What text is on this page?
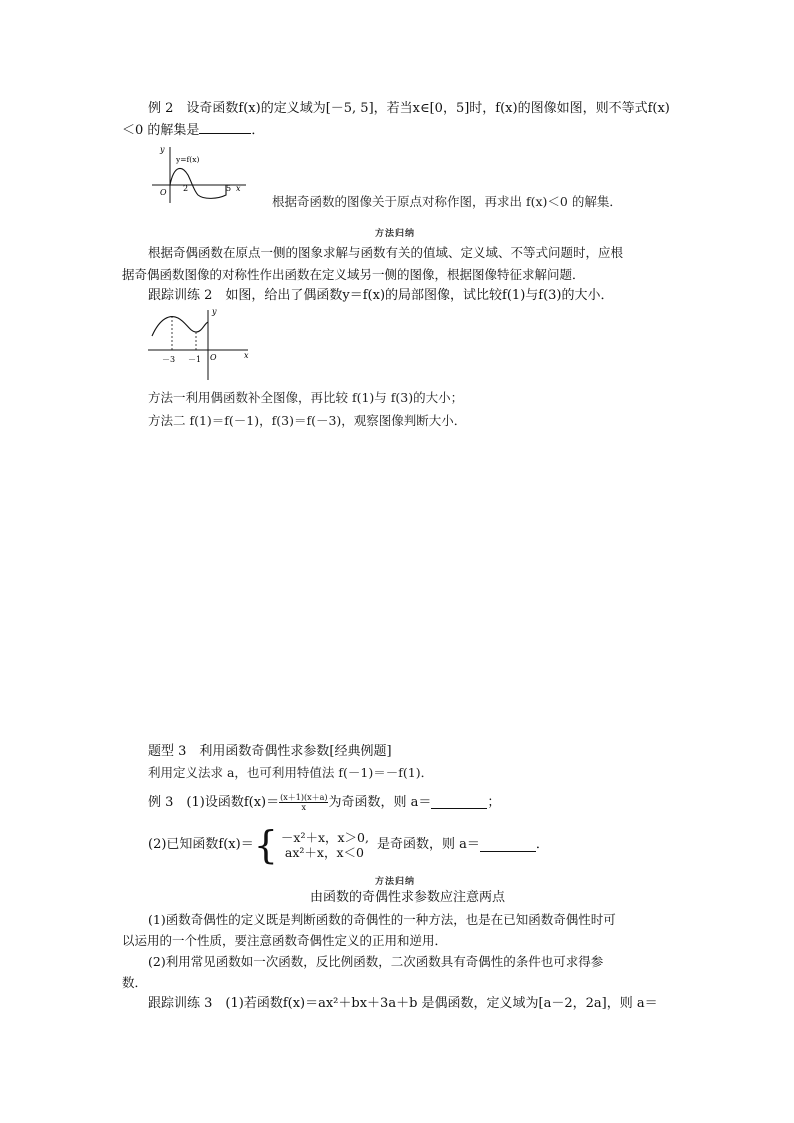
例 2　设奇函数f(x)的定义域为[－5, 5]，若当x∈[0，5]时，f(x)的图像如图，则不等式f(x)
＜0 的解集是	．
y
y=f(x)
O 2	5 x
根据奇函数的图像关于原点对称作图，再求出 f(x)＜0 的解集．
方法归纳
根据奇偶函数在原点一侧的图象求解与函数有关的值域、定义域、不等式问题时，应根
据奇偶函数图像的对称性作出函数在定义域另一侧的图像，根据图像特征求解问题．
跟踪训练 2　如图，给出了偶函数y＝f(x)的局部图像，试比较f(1)与f(3)的大小．
y
x
O
－3 －1
方法一利用偶函数补全图像，再比较 f(1)与 f(3)的大小；
方法二 f(1)＝f(－1)，f(3)＝f(－3)，观察图像判断大小．
题型 3　利用函数奇偶性求参数[经典例题]
利用定义法求 a，也可利用特值法 f(－1)＝－f(1)．
例 3　(1)设函数$f(x)= \frac{(x+1)(x+a)}{x}$ 为奇函数，则 a＝	；
(2)已知函数f(x)＝ { －x²＋x，x＞0,
ax²＋x，x＜0
是奇函数，则 a＝	．
方法归纳
由函数的奇偶性求参数应注意两点
(1)函数奇偶性的定义既是判断函数的奇偶性的一种方法，也是在已知函数奇偶性时可
以运用的一个性质，要注意函数奇偶性定义的正用和逆用．
(2)利用常见函数如一次函数，反比例函数，二次函数具有奇偶性的条件也可求得参
数．
跟踪训练 3　(1)若函数f(x)＝ax²＋bx＋3a＋b 是偶函数，定义域为[a－2，2a]，则 a＝
